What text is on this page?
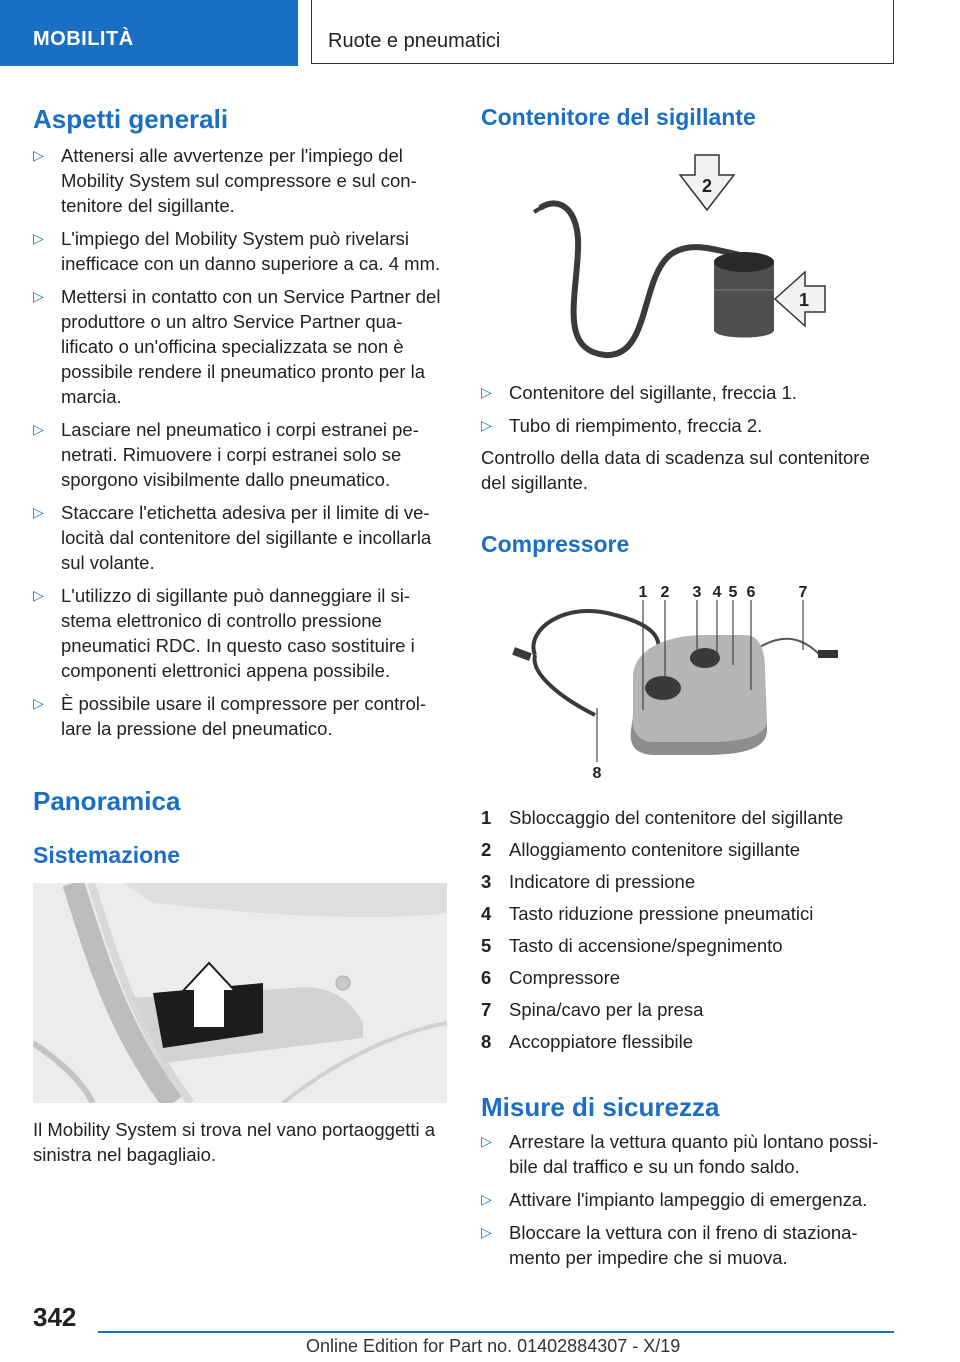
MOBILITÀ	Ruote e pneumatici
Aspetti generali
▷ Attenersi alle avvertenze per l'impiego del Mobility System sul compressore e sul con-tenitore del sigillante.
▷ L'impiego del Mobility System può rivelarsi inefficace con un danno superiore a ca. 4 mm.
▷ Mettersi in contatto con un Service Partner del produttore o un altro Service Partner qua-lificato o un'officina specializzata se non è possibile rendere il pneumatico pronto per la marcia.
▷ Lasciare nel pneumatico i corpi estranei pe-netrati. Rimuovere i corpi estranei solo se sporgono visibilmente dallo pneumatico.
▷ Staccare l'etichetta adesiva per il limite di ve-locità dal contenitore del sigillante e incollarla sul volante.
▷ L'utilizzo di sigillante può danneggiare il si-stema elettronico di controllo pressione pneumatici RDC. In questo caso sostituire i componenti elettronici appena possibile.
▷ È possibile usare il compressore per control-lare la pressione del pneumatico.
Panoramica
Sistemazione

Il Mobility System si trova nel vano portaoggetti a sinistra nel bagagliaio.

Contenitore del sigillante
2
1
▷ Contenitore del sigillante, freccia 1.
▷ Tubo di riempimento, freccia 2.

Controllo della data di scadenza sul contenitore del sigillante.

Compressore
1 2 3 4 5 6	7
8
1 Sbloccaggio del contenitore del sigillante
2 Alloggiamento contenitore sigillante
3 Indicatore di pressione
4 Tasto riduzione pressione pneumatici
5 Tasto di accensione/spegnimento
6 Compressore
7 Spina/cavo per la presa
8 Accoppiatore flessibile
Misure di sicurezza
▷ Arrestare la vettura quanto più lontano possi-bile dal traffico e su un fondo saldo.
▷ Attivare l'impianto lampeggio di emergenza.
▷ Bloccare la vettura con il freno di staziona-mento per impedire che si muova.
342
Online Edition for Part no. 01402884307 - X/19
